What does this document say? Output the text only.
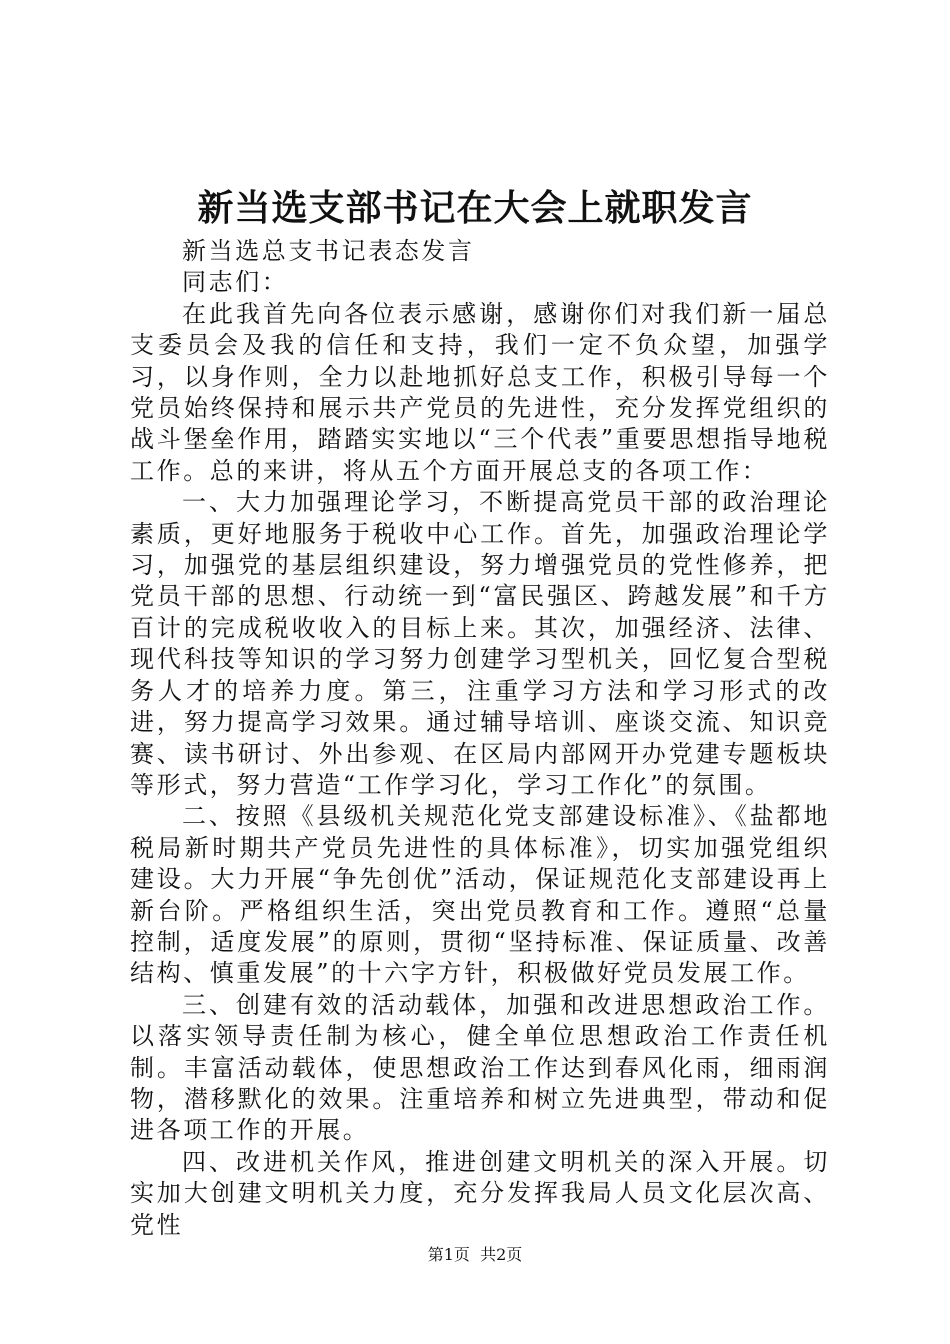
新当选支部书记在大会上就职发言

新当选总支书记表态发言

同志们：

在此我首先向各位表示感谢，感谢你们对我们新一届总支委员会及我的信任和支持，我们一定不负众望，加强学习，以身作则，全力以赴地抓好总支工作，积极引导每一个党员始终保持和展示共产党员的先进性，充分发挥党组织的战斗堡垒作用，踏踏实实地以“三个代表”重要思想指导地税工作。总的来讲，将从五个方面开展总支的各项工作：

一、大力加强理论学习，不断提高党员干部的政治理论素质，更好地服务于税收中心工作。首先，加强政治理论学习，加强党的基层组织建设，努力增强党员的党性修养，把党员干部的思想、行动统一到“富民强区、跨越发展”和千方百计的完成税收收入的目标上来。其次，加强经济、法律、现代科技等知识的学习努力创建学习型机关，回忆复合型税务人才的培养力度。第三，注重学习方法和学习形式的改进，努力提高学习效果。通过辅导培训、座谈交流、知识竞赛、读书研讨、外出参观、在区局内部网开办党建专题板块等形式，努力营造“工作学习化，学习工作化”的氛围。

二、按照《县级机关规范化党支部建设标准》、《盐都地税局新时期共产党员先进性的具体标准》，切实加强党组织建设。大力开展“争先创优”活动，保证规范化支部建设再上新台阶。严格组织生活，突出党员教育和工作。遵照“总量控制，适度发展”的原则，贯彻“坚持标准、保证质量、改善结构、慎重发展”的十六字方针，积极做好党员发展工作。

三、创建有效的活动载体，加强和改进思想政治工作。以落实领导责任制为核心，健全单位思想政治工作责任机制。丰富活动载体，使思想政治工作达到春风化雨，细雨润物，潜移默化的效果。注重培养和树立先进典型，带动和促进各项工作的开展。

四、改进机关作风，推进创建文明机关的深入开展。切实加大创建文明机关力度，充分发挥我局人员文化层次高、党性

第1页 共2页
